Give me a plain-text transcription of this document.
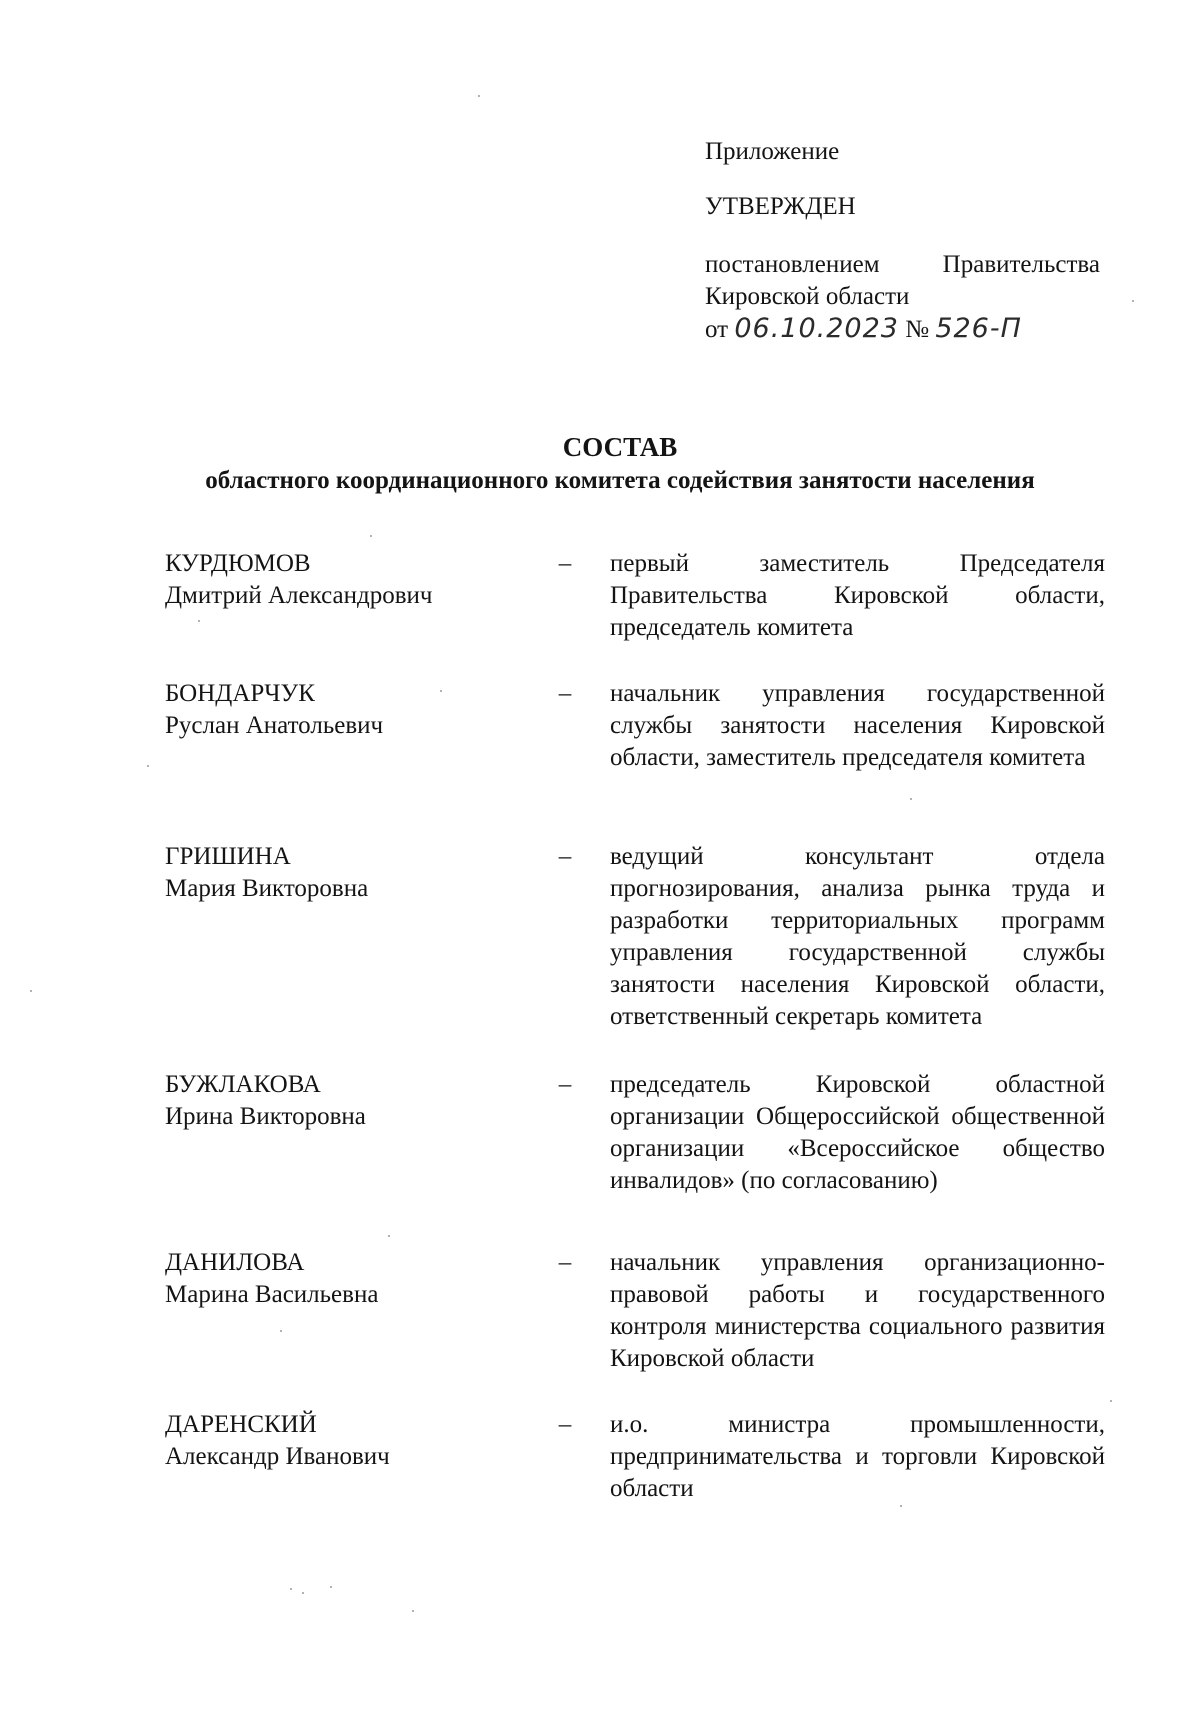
Приложение
УТВЕРЖДЕН
постановлением Правительства
Кировской области
от 06.10.2023 № 526-П
СОСТАВ
областного координационного комитета содействия занятости населения
КУРДЮМОВ
Дмитрий Александрович
–	первый заместитель Председателя Правительства Кировской области, председатель комитета
БОНДАРЧУК
Руслан Анатольевич
–	начальник управления государственной службы занятости населения Кировской области, заместитель председателя комитета
ГРИШИНА
Мария Викторовна
–	ведущий консультант отдела прогнозирования, анализа рынка труда и разработки территориальных программ управления государственной службы занятости населения Кировской области, ответственный секретарь комитета
БУЖЛАКОВА
Ирина Викторовна
–	председатель Кировской областной организации Общероссийской общественной организации «Всероссийское общество инвалидов» (по согласованию)
ДАНИЛОВА
Марина Васильевна
–	начальник управления организационно-правовой работы и государственного контроля министерства социального развития Кировской области
ДАРЕНСКИЙ
Александр Иванович
–	и.о. министра промышленности, предпринимательства и торговли Кировской области
